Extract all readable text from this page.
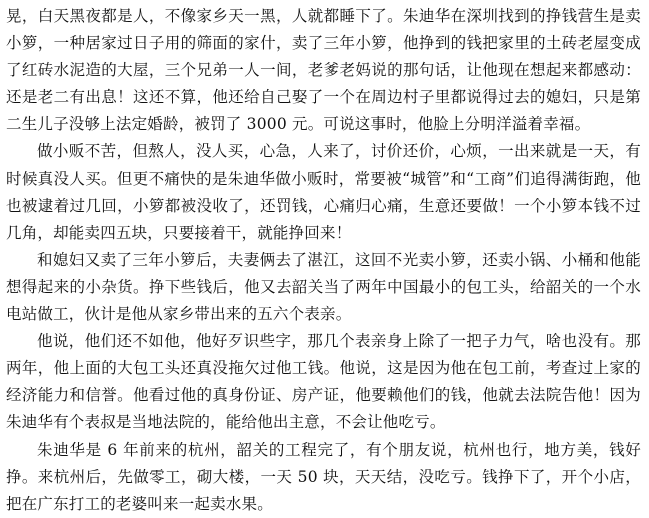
晃，白天黑夜都是人，不像家乡天一黑，人就都睡下了。朱迪华在深圳找到的挣钱营生是卖小箩，一种居家过日子用的筛面的家什，卖了三年小箩，他挣到的钱把家里的土砖老屋变成了红砖水泥造的大屋，三个兄弟一人一间，老爹老妈说的那句话，让他现在想起来都感动：还是老二有出息！这还不算，他还给自己娶了一个在周边村子里都说得过去的媳妇，只是第二生儿子没够上法定婚龄，被罚了 3000 元。可说这事时，他脸上分明洋溢着幸福。

做小贩不苦，但熬人，没人买，心急，人来了，讨价还价，心烦，一出来就是一天，有时候真没人买。但更不痛快的是朱迪华做小贩时，常要被“城管”和“工商”们追得满街跑，他也被逮着过几回，小箩都被没收了，还罚钱，心痛归心痛，生意还要做！一个小箩本钱不过几角，却能卖四五块，只要接着干，就能挣回来！

和媳妇又卖了三年小箩后，夫妻俩去了湛江，这回不光卖小箩，还卖小锅、小桶和他能想得起来的小杂货。挣下些钱后，他又去韶关当了两年中国最小的包工头，给韶关的一个水电站做工，伙计是他从家乡带出来的五六个表亲。

他说，他们还不如他，他好歹识些字，那几个表亲身上除了一把子力气，啥也没有。那两年，他上面的大包工头还真没拖欠过他工钱。他说，这是因为他在包工前，考查过上家的经济能力和信誉。他看过他的真身份证、房产证，他要赖他们的钱，他就去法院告他！因为朱迪华有个表叔是当地法院的，能给他出主意，不会让他吃亏。

朱迪华是 6 年前来的杭州，韶关的工程完了，有个朋友说，杭州也行，地方美，钱好挣。来杭州后，先做零工，砌大楼，一天 50 块，天天结，没吃亏。钱挣下了，开个小店，把在广东打工的老婆叫来一起卖水果。
